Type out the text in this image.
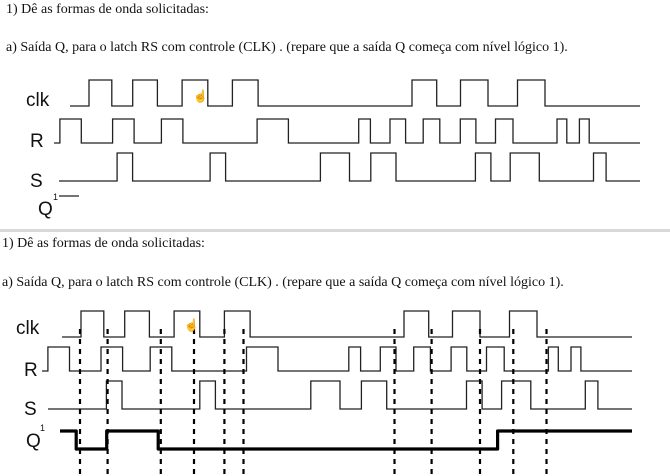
1) Dê as formas de onda solicitadas:
a) Saída Q, para o latch RS com controle (CLK) . (repare que a saída Q começa com nível lógico 1).
clk
R
S
Q
1
☝
1) Dê as formas de onda solicitadas:
a) Saída Q, para o latch RS com controle (CLK) . (repare que a saída Q começa com nível lógico 1).
clk
R
S
Q
1
☝
